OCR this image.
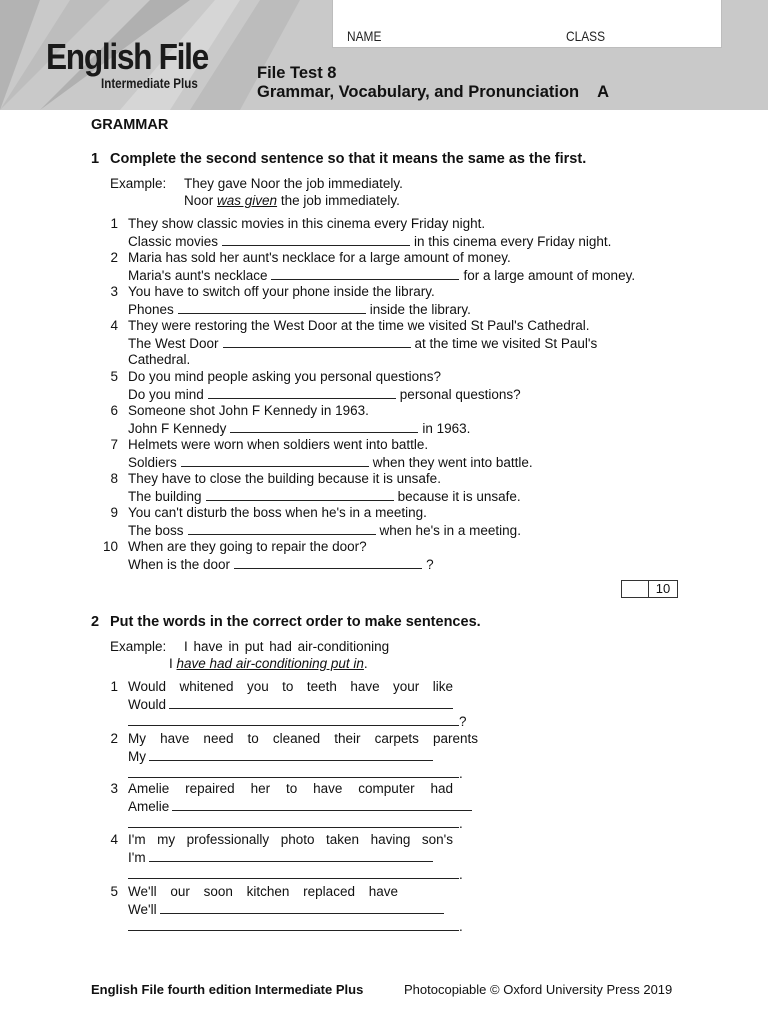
NAME	CLASS
English File
Intermediate Plus
File Test 8
Grammar, Vocabulary, and Pronunciation A
GRAMMAR
1 Complete the second sentence so that it means the same as the first.
Example: They gave Noor the job immediately.
Noor was given the job immediately.
1 They show classic movies in this cinema every Friday night.
Classic movies	in this cinema every Friday night.
2 Maria has sold her aunt's necklace for a large amount of money.
Maria's aunt's necklace	for a large amount of money.
3 You have to switch off your phone inside the library.
Phones	inside the library.
4 They were restoring the West Door at the time we visited St Paul's Cathedral.
The West Door	at the time we visited St Paul's
Cathedral.
5 Do you mind people asking you personal questions?
Do you mind	personal questions?
6 Someone shot John F Kennedy in 1963.
John F Kennedy	in 1963.
7 Helmets were worn when soldiers went into battle.
Soldiers	when they went into battle.
8 They have to close the building because it is unsafe.
The building	because it is unsafe.
9 You can't disturb the boss when he's in a meeting.
The boss	when he's in a meeting.
10 When are they going to repair the door?
When is the door	?
10
2 Put the words in the correct order to make sentences.
Example: I have in put had air-conditioning
I have had air-conditioning put in.
1 Would whitened you to teeth have your like
Would
?
2 My have need to cleaned their carpets parents
My
.
3 Amelie repaired her to have computer had
Amelie
.
4 I'm my professionally photo taken having son's
I'm
.
5 We'll our soon kitchen replaced have
We'll
.
English File fourth edition Intermediate Plus	Photocopiable © Oxford University Press 2019
